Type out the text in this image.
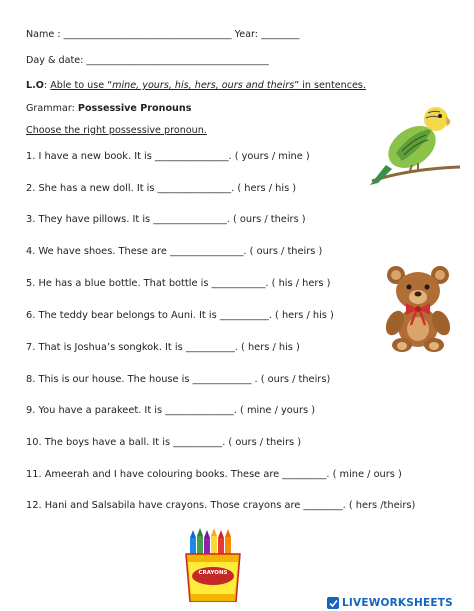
Name : ___________________________________ Year: ________
Day & date: ______________________________________
L.O: Able to use “mine, yours, his, hers, ours and theirs” in sentences.
Grammar: Possessive Pronouns
Choose the right possessive pronoun.
1. I have a new book. It is _______________. ( yours / mine )
2. She has a new doll. It is _______________. ( hers / his )
3. They have pillows. It is _______________. ( ours / theirs )
4. We have shoes. These are _______________. ( ours / theirs )
5. He has a blue bottle. That bottle is ___________. ( his / hers )
6. The teddy bear belongs to Auni. It is __________. ( hers / his )
7. That is Joshua’s songkok. It is __________. ( hers / his )
8. This is our house. The house is ____________ . ( ours / theirs)
9. You have a parakeet. It is ______________. ( mine / yours )
10. The boys have a ball. It is __________. ( ours / theirs )
11. Ameerah and I have colouring books. These are _________. ( mine / ours )
12. Hani and Salsabila have crayons. Those crayons are ________. ( hers /theirs)
CRAYONS
LIVEWORKSHEETS
